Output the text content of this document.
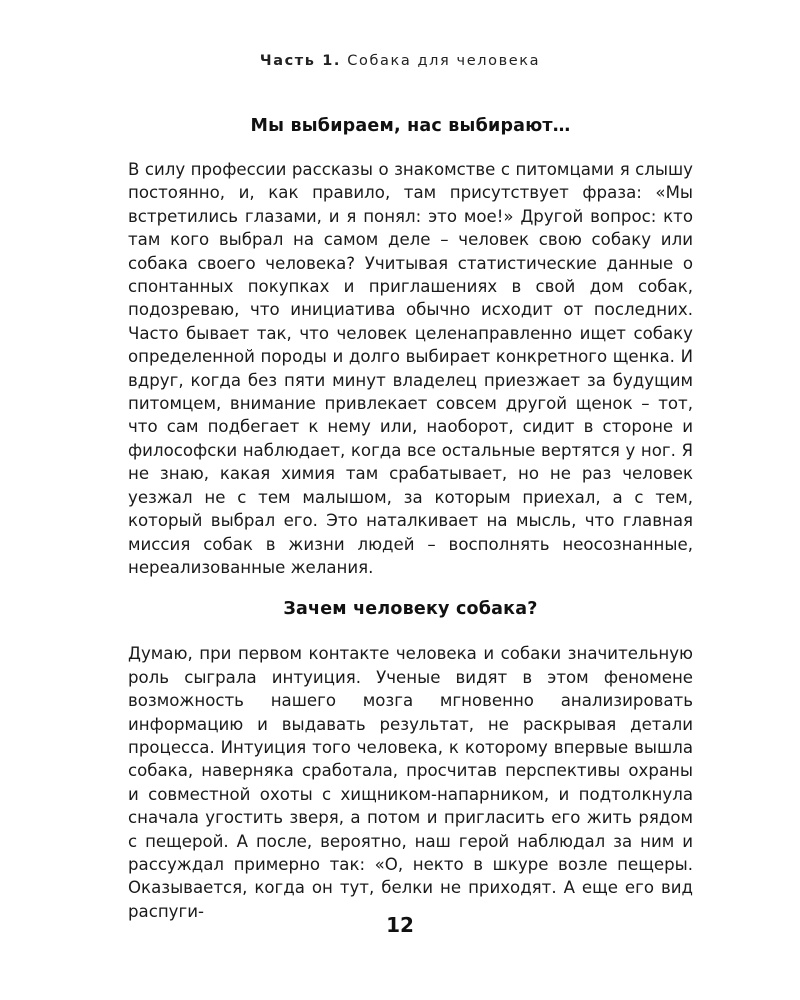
Часть 1. Собака для человека
Мы выбираем, нас выбирают…

В силу профессии рассказы о знакомстве с питомцами я слышу постоянно, и, как правило, там присутствует фраза: «Мы встретились глазами, и я понял: это мое!» Другой вопрос: кто там кого выбрал на самом деле – человек свою собаку или собака своего человека? Учитывая статистические данные о спонтанных покупках и приглашениях в свой дом собак, подозреваю, что инициатива обычно исходит от последних. Часто бывает так, что человек целенаправленно ищет собаку определенной породы и долго выбирает конкретного щенка. И вдруг, когда без пяти минут владелец приезжает за будущим питомцем, внимание привлекает совсем другой щенок – тот, что сам подбегает к нему или, наоборот, сидит в стороне и философски наблюдает, когда все остальные вертятся у ног. Я не знаю, какая химия там срабатывает, но не раз человек уезжал не с тем малышом, за которым приехал, а с тем, который выбрал его. Это наталкивает на мысль, что главная миссия собак в жизни людей – восполнять неосознанные, нереализованные желания.

Зачем человеку собака?

Думаю, при первом контакте человека и собаки значительную роль сыграла интуиция. Ученые видят в этом феномене возможность нашего мозга мгновенно анализировать информацию и выдавать результат, не раскрывая детали процесса. Интуиция того человека, к которому впервые вышла собака, наверняка сработала, просчитав перспективы охраны и совместной охоты с хищником-напарником, и подтолкнула сначала угостить зверя, а потом и пригласить его жить рядом с пещерой. А после, вероятно, наш герой наблюдал за ним и рассуждал примерно так: «О, некто в шкуре возле пещеры. Оказывается, когда он тут, белки не приходят. А еще его вид распуги-

12
